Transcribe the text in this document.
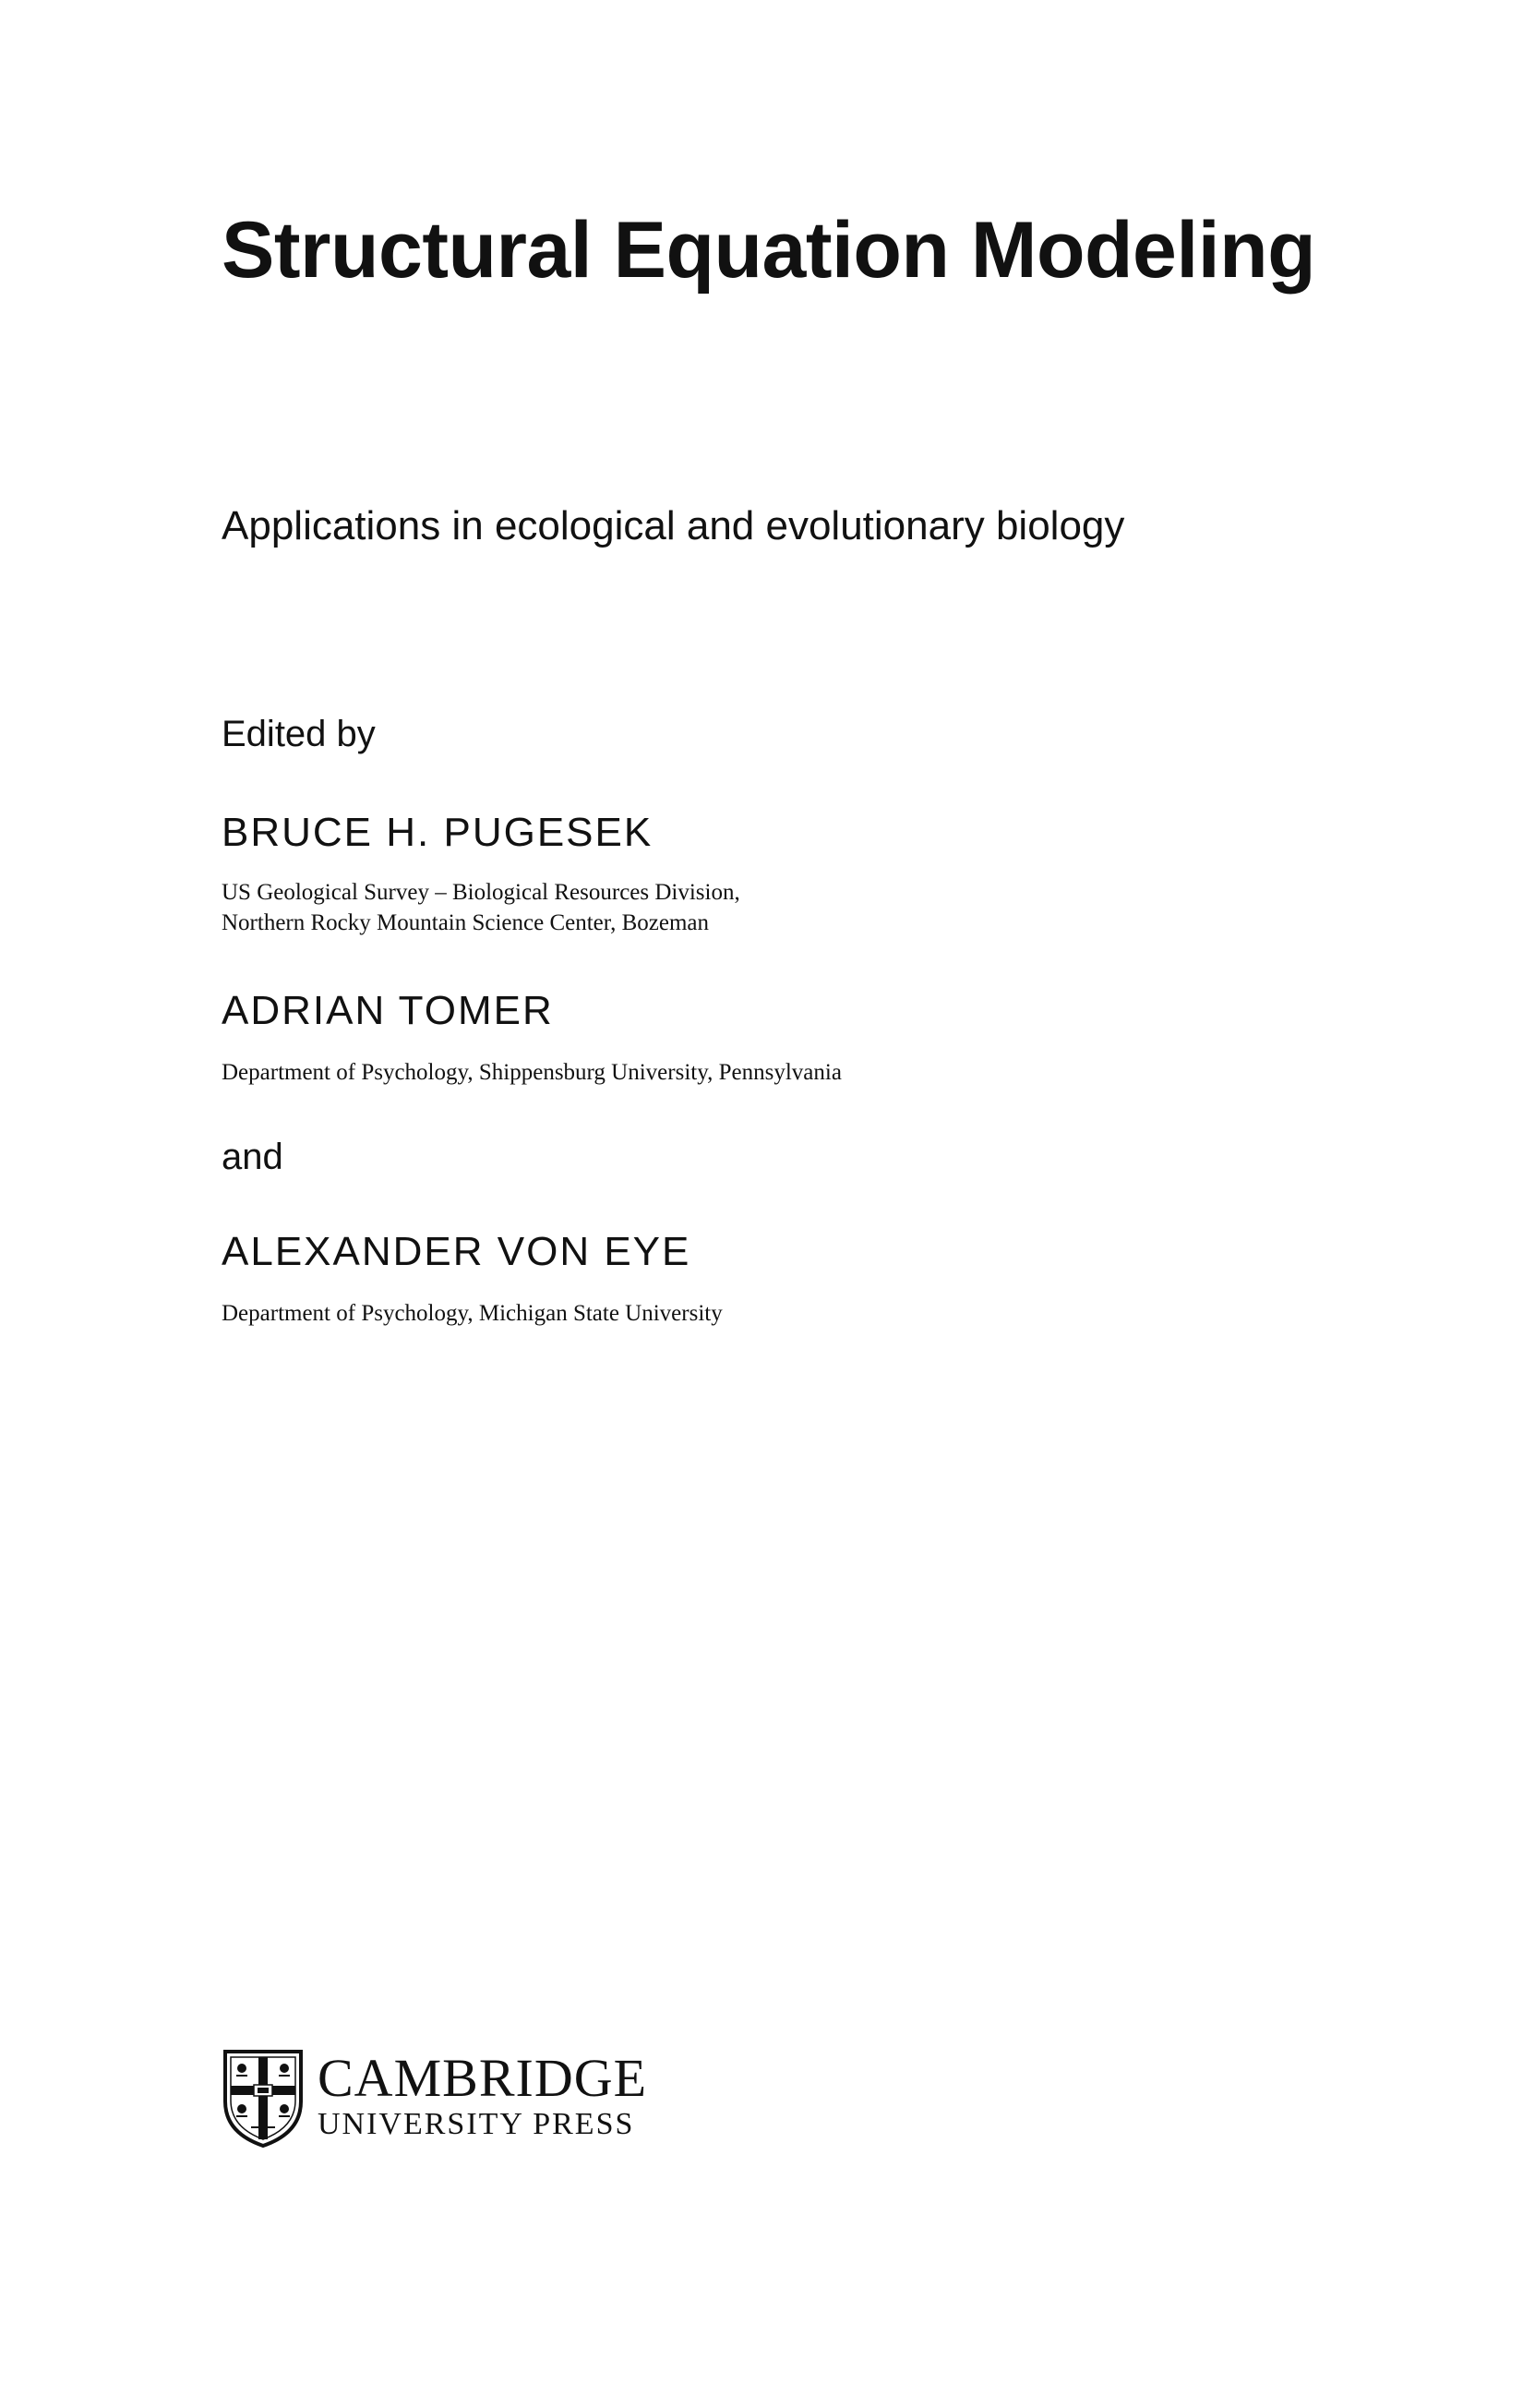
Structural Equation Modeling
Applications in ecological and evolutionary biology
Edited by
BRUCE H. PUGESEK
US Geological Survey – Biological Resources Division,
Northern Rocky Mountain Science Center, Bozeman
ADRIAN TOMER
Department of Psychology, Shippensburg University, Pennsylvania
and
ALEXANDER VON EYE
Department of Psychology, Michigan State University
CAMBRIDGE
UNIVERSITY PRESS
